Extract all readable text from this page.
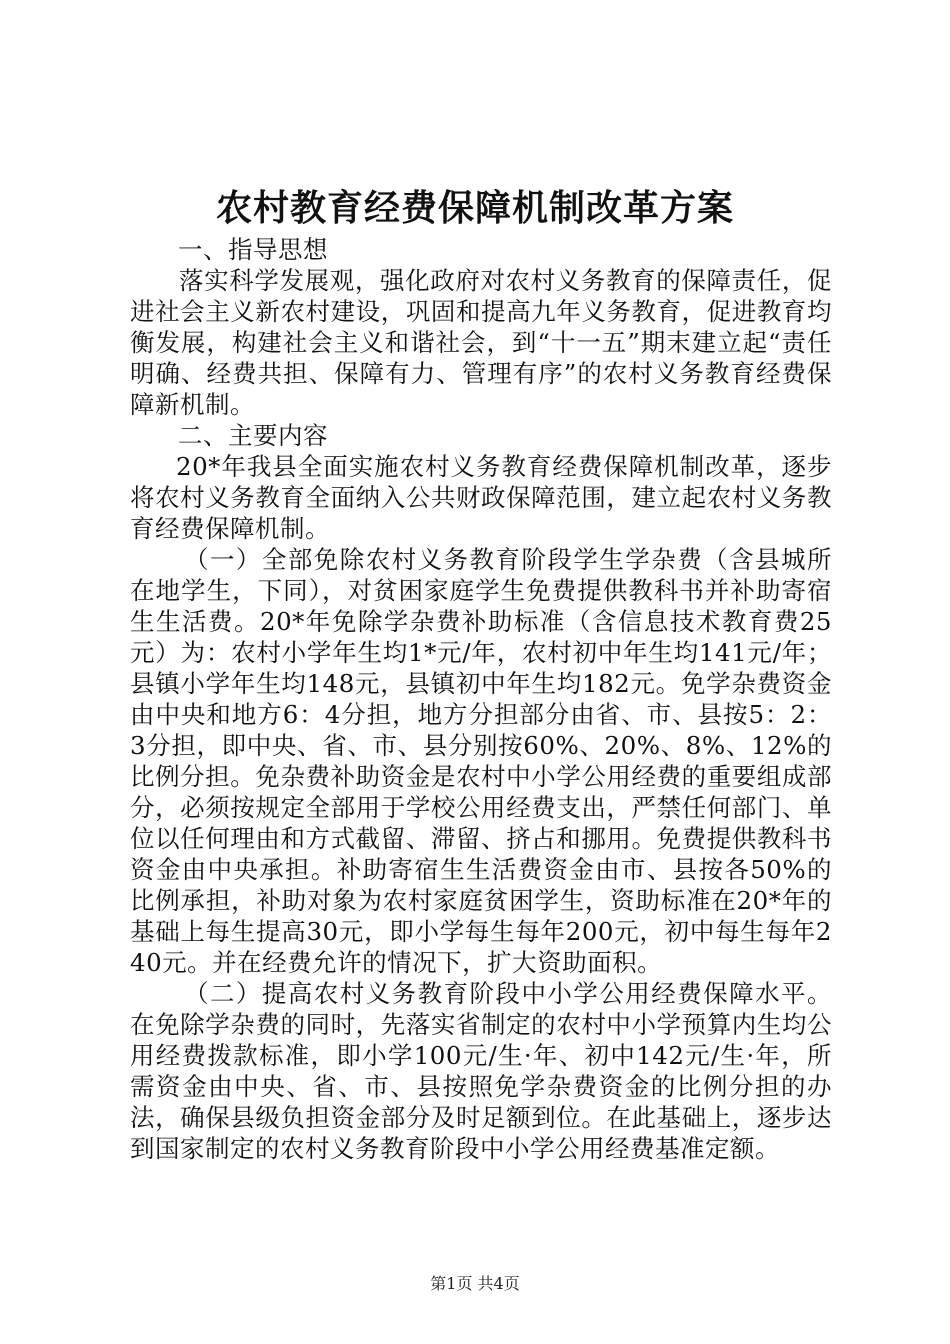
农村教育经费保障机制改革方案

一、指导思想

落实科学发展观，强化政府对农村义务教育的保障责任，促进社会主义新农村建设，巩固和提高九年义务教育，促进教育均衡发展，构建社会主义和谐社会，到“十一五”期末建立起“责任明确、经费共担、保障有力、管理有序”的农村义务教育经费保障新机制。

二、主要内容

20*年我县全面实施农村义务教育经费保障机制改革，逐步将农村义务教育全面纳入公共财政保障范围，建立起农村义务教育经费保障机制。

（一）全部免除农村义务教育阶段学生学杂费（含县城所在地学生，下同），对贫困家庭学生免费提供教科书并补助寄宿生生活费。20*年免除学杂费补助标准（含信息技术教育费25元）为：农村小学年生均1*元/年，农村初中年生均141元/年；县镇小学年生均148元，县镇初中年生均182元。免学杂费资金由中央和地方6：4分担，地方分担部分由省、市、县按5：2：3分担，即中央、省、市、县分别按60%、20%、8%、12%的比例分担。免杂费补助资金是农村中小学公用经费的重要组成部分，必须按规定全部用于学校公用经费支出，严禁任何部门、单位以任何理由和方式截留、滞留、挤占和挪用。免费提供教科书资金由中央承担。补助寄宿生生活费资金由市、县按各50%的比例承担，补助对象为农村家庭贫困学生，资助标准在20*年的基础上每生提高30元，即小学每生每年200元，初中每生每年240元。并在经费允许的情况下，扩大资助面积。

（二）提高农村义务教育阶段中小学公用经费保障水平。在免除学杂费的同时，先落实省制定的农村中小学预算内生均公用经费拨款标准，即小学100元/生·年、初中142元/生·年，所需资金由中央、省、市、县按照免学杂费资金的比例分担的办法，确保县级负担资金部分及时足额到位。在此基础上，逐步达到国家制定的农村义务教育阶段中小学公用经费基准定额。

第1页 共4页
